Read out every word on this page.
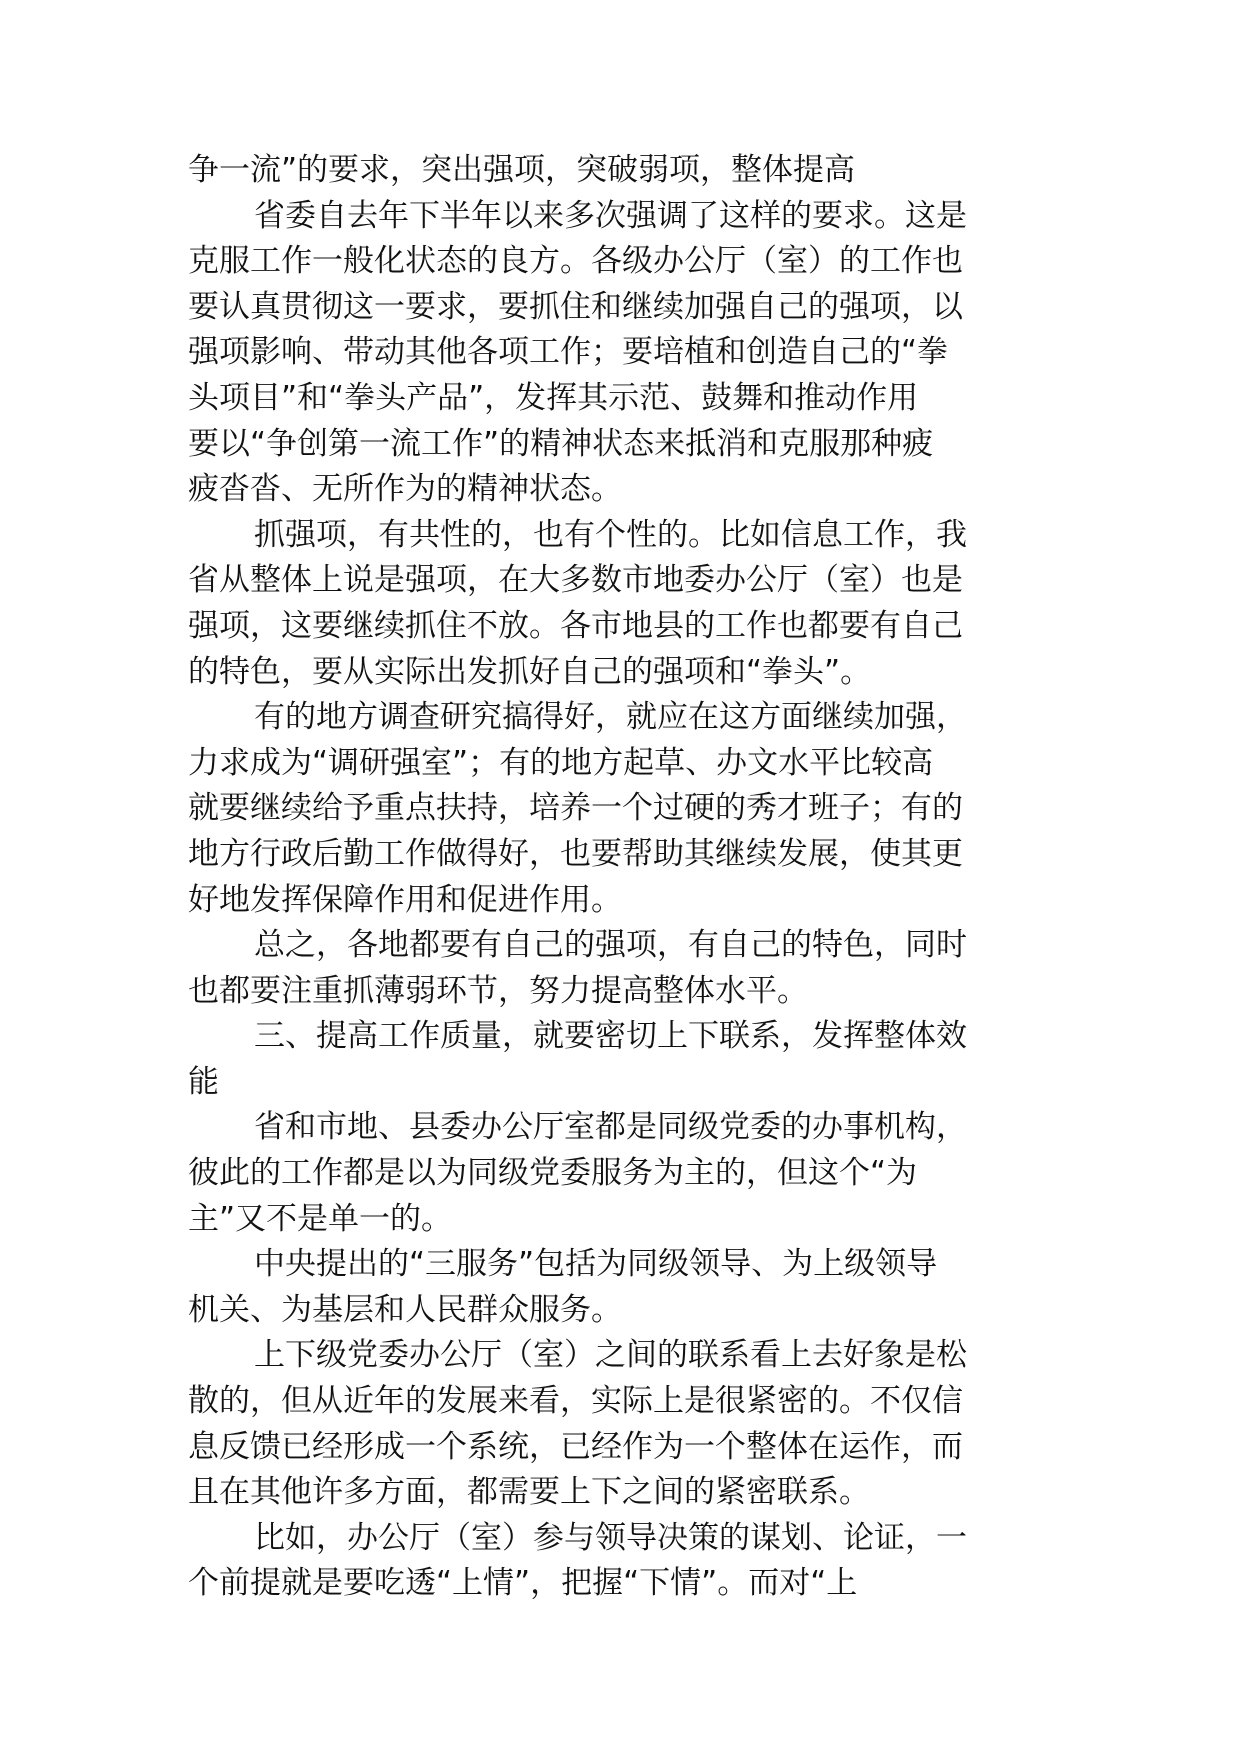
争一流”的要求，突出强项，突破弱项，整体提高
省委自去年下半年以来多次强调了这样的要求。这是
克服工作一般化状态的良方。各级办公厅（室）的工作也
要认真贯彻这一要求，要抓住和继续加强自己的强项，以
强项影响、带动其他各项工作；要培植和创造自己的“拳
头项目”和“拳头产品”，发挥其示范、鼓舞和推动作用
要以“争创第一流工作”的精神状态来抵消和克服那种疲
疲沓沓、无所作为的精神状态。
抓强项，有共性的，也有个性的。比如信息工作，我
省从整体上说是强项，在大多数市地委办公厅（室）也是
强项，这要继续抓住不放。各市地县的工作也都要有自己
的特色，要从实际出发抓好自己的强项和“拳头”。
有的地方调查研究搞得好，就应在这方面继续加强，
力求成为“调研强室”；有的地方起草、办文水平比较高
就要继续给予重点扶持，培养一个过硬的秀才班子；有的
地方行政后勤工作做得好，也要帮助其继续发展，使其更
好地发挥保障作用和促进作用。
总之，各地都要有自己的强项，有自己的特色，同时
也都要注重抓薄弱环节，努力提高整体水平。
三、提高工作质量，就要密切上下联系，发挥整体效
能
省和市地、县委办公厅室都是同级党委的办事机构，
彼此的工作都是以为同级党委服务为主的，但这个“为
主”又不是单一的。
中央提出的“三服务”包括为同级领导、为上级领导
机关、为基层和人民群众服务。
上下级党委办公厅（室）之间的联系看上去好象是松
散的，但从近年的发展来看，实际上是很紧密的。不仅信
息反馈已经形成一个系统，已经作为一个整体在运作，而
且在其他许多方面，都需要上下之间的紧密联系。
比如，办公厅（室）参与领导决策的谋划、论证，一
个前提就是要吃透“上情”，把握“下情”。而对“上
